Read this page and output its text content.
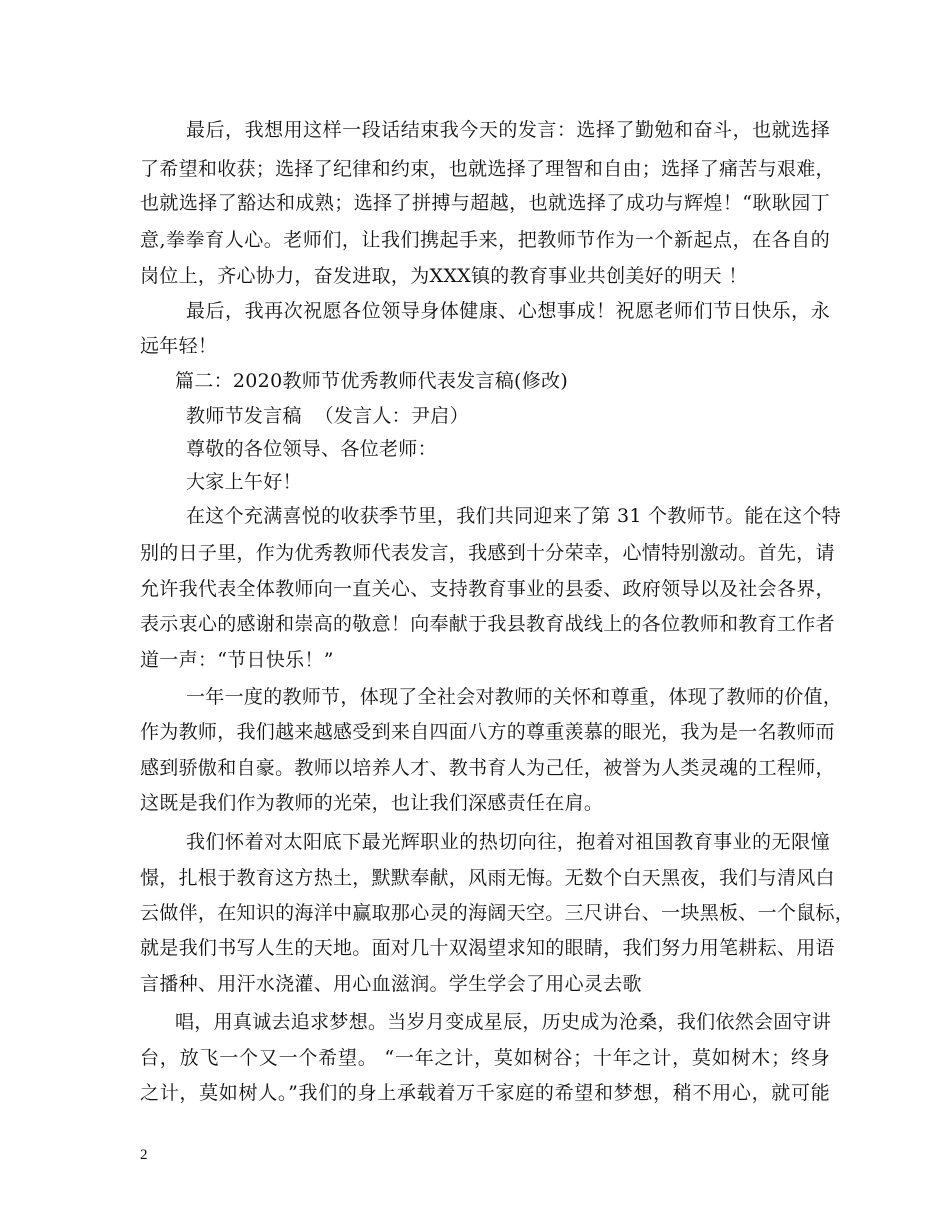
最后，我想用这样一段话结束我今天的发言：选择了勤勉和奋斗，也就选择
了希望和收获；选择了纪律和约束，也就选择了理智和自由；选择了痛苦与艰难，
也就选择了豁达和成熟；选择了拼搏与超越，也就选择了成功与辉煌！“耿耿园丁
意,拳拳育人心。老师们，让我们携起手来，把教师节作为一个新起点，在各自的
岗位上，齐心协力，奋发进取，为XXX镇的教育事业共创美好的明天 ！
最后，我再次祝愿各位领导身体健康、心想事成！祝愿老师们节日快乐，永
远年轻！
篇二：2020教师节优秀教师代表发言稿(修改)
教师节发言稿  （发言人：尹启）
尊敬的各位领导、各位老师：
大家上午好！
在这个充满喜悦的收获季节里，我们共同迎来了第 31 个教师节。能在这个特
别的日子里，作为优秀教师代表发言，我感到十分荣幸，心情特别激动。首先，请
允许我代表全体教师向一直关心、支持教育事业的县委、政府领导以及社会各界，
表示衷心的感谢和崇高的敬意！向奉献于我县教育战线上的各位教师和教育工作者
道一声：“节日快乐！”
一年一度的教师节，体现了全社会对教师的关怀和尊重，体现了教师的价值，
作为教师，我们越来越感受到来自四面八方的尊重羡慕的眼光，我为是一名教师而
感到骄傲和自豪。教师以培养人才、教书育人为己任，被誉为人类灵魂的工程师，
这既是我们作为教师的光荣，也让我们深感责任在肩。
我们怀着对太阳底下最光辉职业的热切向往，抱着对祖国教育事业的无限憧
憬，扎根于教育这方热土，默默奉献，风雨无悔。无数个白天黑夜，我们与清风白
云做伴，在知识的海洋中赢取那心灵的海阔天空。三尺讲台、一块黑板、一个鼠标，
就是我们书写人生的天地。面对几十双渴望求知的眼睛，我们努力用笔耕耘、用语
言播种、用汗水浇灌、用心血滋润。学生学会了用心灵去歌
唱，用真诚去追求梦想。当岁月变成星辰，历史成为沧桑，我们依然会固守讲
台，放飞一个又一个希望。 “一年之计，莫如树谷；十年之计，莫如树木；终身
之计，莫如树人。”我们的身上承载着万千家庭的希望和梦想，稍不用心，就可能
2
